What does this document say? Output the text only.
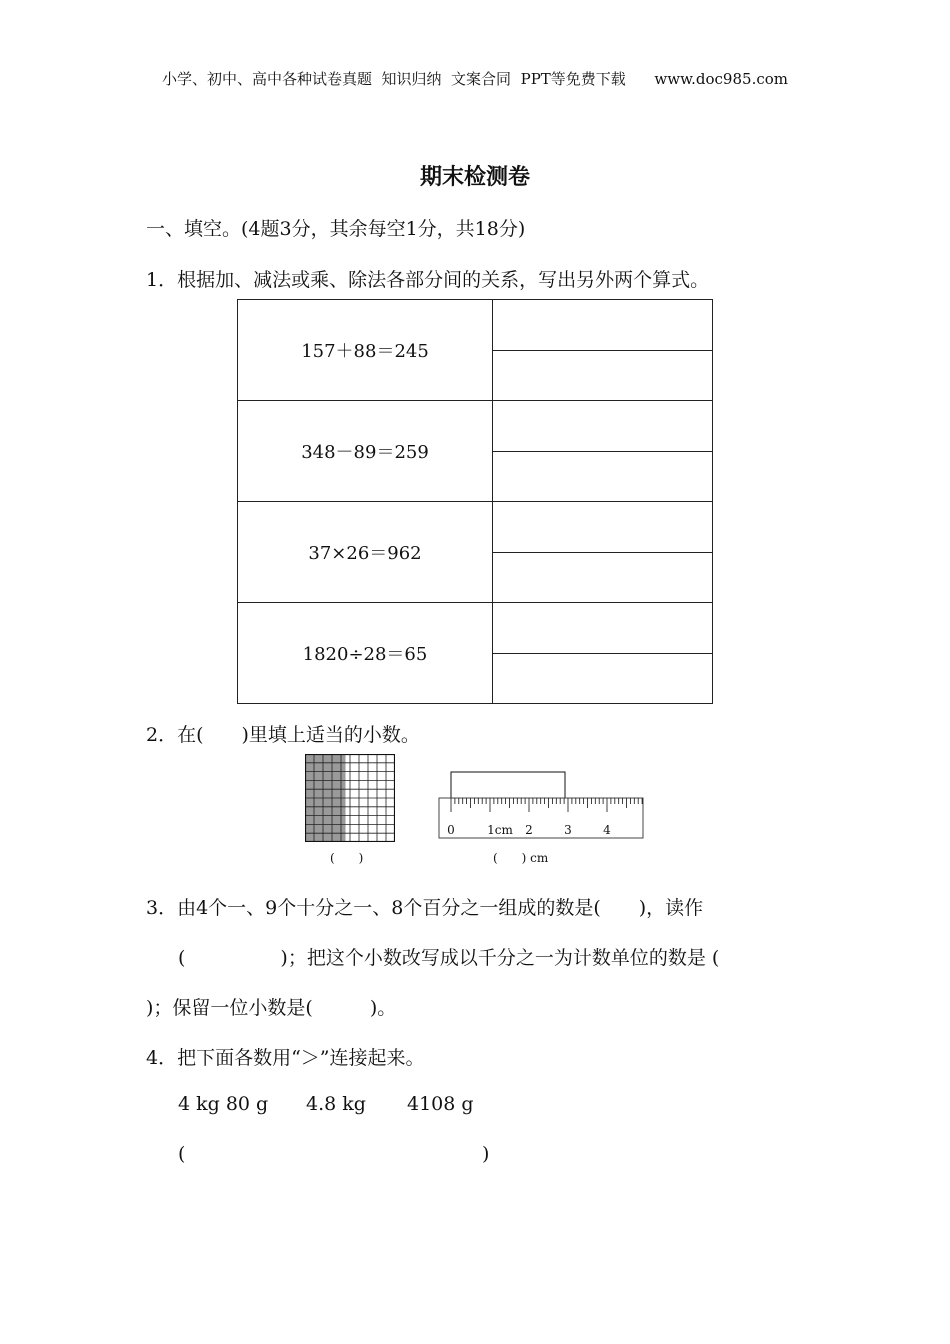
小学、初中、高中各种试卷真题  知识归纳  文案合同  PPT等免费下载      www.doc985.com
期末检测卷
一、填空。(4题3分，其余每空1分，共18分)
1．根据加、减法或乘、除法各部分间的关系，写出另外两个算式。
157＋88＝245	

348－89＝259	

37×26＝962	

1820÷28＝65	

2．在(　　)里填上适当的小数。
(　　)
0	1cm 2	3	4
(　　) cm
3．由4个一、9个十分之一、8个百分之一组成的数是(　　)，读作
(　　　　　)；把这个小数改写成以千分之一为计数单位的数是 (
)；保留一位小数是(　　　)。
4．把下面各数用“＞”连接起来。
4 kg 80 g 4.8 kg 4108 g
(	)
